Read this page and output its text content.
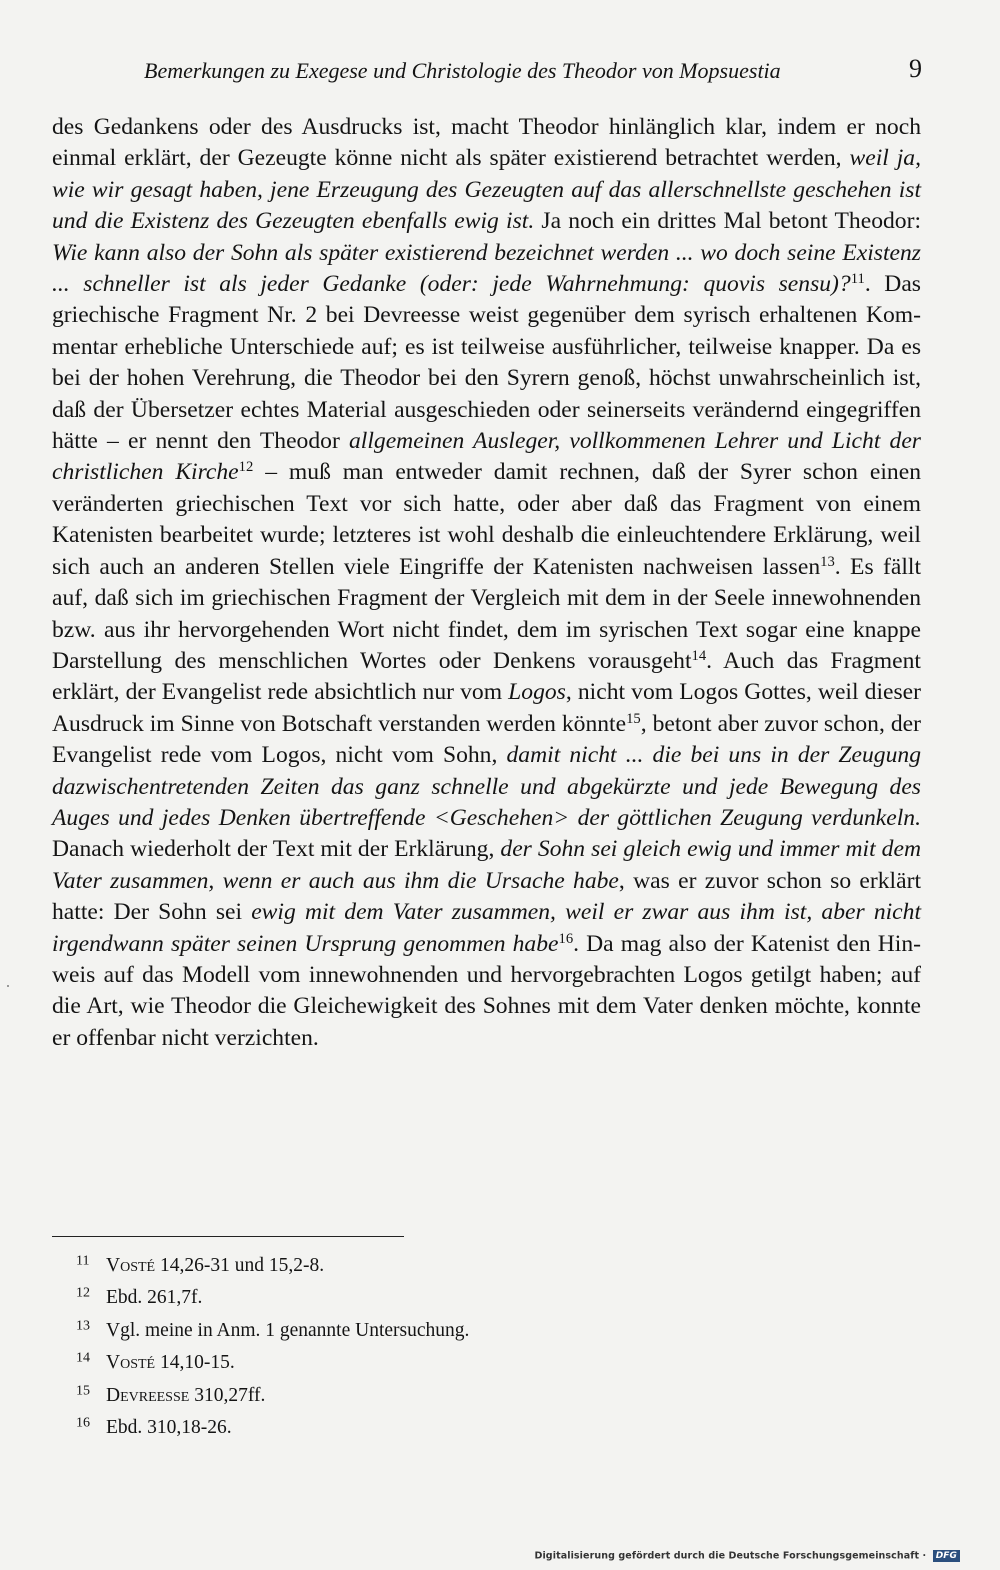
Bemerkungen zu Exegese und Christologie des Theodor von Mopsuestia	9

des Gedankens oder des Ausdrucks ist, macht Theodor hinlänglich klar, indem er noch einmal erklärt, der Gezeugte könne nicht als später existierend betrachtet werden, weil ja, wie wir gesagt haben, jene Erzeugung des Gezeugten auf das allerschnellste geschehen ist und die Existenz des Gezeugten ebenfalls ewig ist. Ja noch ein drittes Mal betont Theodor: Wie kann also der Sohn als später existierend bezeichnet werden ... wo doch seine Existenz ... schneller ist als jeder Gedanke (oder: jede Wahrnehmung: quovis sensu)?$^{11}$. Das griechische Fragment Nr. 2 bei Devreesse weist gegenüber dem syrisch erhaltenen Kommentar erhebliche Unterschiede auf; es ist teilweise ausführlicher, teilweise knapper. Da es bei der hohen Verehrung, die Theodor bei den Syrern genoß, höchst unwahrscheinlich ist, daß der Übersetzer echtes Material ausgeschieden oder seinerseits verändernd eingegriffen hätte – er nennt den Theodor allgemeinen Ausleger, vollkommenen Lehrer und Licht der christlichen Kirche$^{12}$ – muß man entweder damit rechnen, daß der Syrer schon einen veränderten griechischen Text vor sich hatte, oder aber daß das Fragment von einem Katenisten bearbeitet wurde; letzteres ist wohl deshalb die einleuchtendere Erklärung, weil sich auch an anderen Stellen viele Eingriffe der Katenisten nachweisen lassen$^{13}$. Es fällt auf, daß sich im griechischen Fragment der Vergleich mit dem in der Seele innewohnenden bzw. aus ihr hervorgehenden Wort nicht findet, dem im syrischen Text sogar eine knappe Darstellung des menschlichen Wortes oder Denkens vorausgeht$^{14}$. Auch das Fragment erklärt, der Evangelist rede absichtlich nur vom Logos, nicht vom Logos Gottes, weil dieser Ausdruck im Sinne von Botschaft verstanden werden könnte$^{15}$, betont aber zuvor schon, der Evangelist rede vom Logos, nicht vom Sohn, damit nicht ... die bei uns in der Zeugung dazwischentretenden Zeiten das ganz schnelle und abgekürzte und jede Bewegung des Auges und jedes Denken übertreffende <Geschehen> der göttlichen Zeugung verdunkeln. Danach wiederholt der Text mit der Erklärung, der Sohn sei gleich ewig und immer mit dem Vater zusammen, wenn er auch aus ihm die Ursache habe, was er zuvor schon so erklärt hatte: Der Sohn sei ewig mit dem Vater zusammen, weil er zwar aus ihm ist, aber nicht irgendwann später seinen Ursprung genommen habe$^{16}$. Da mag also der Katenist den Hinweis auf das Modell vom innewohnenden und hervorgebrachten Logos getilgt haben; auf die Art, wie Theodor die Gleichewigkeit des Sohnes mit dem Vater denken möchte, konnte er offenbar nicht verzichten.

$^{11}$ Vosté 14,26-31 und 15,2-8.
$^{12}$ Ebd. 261,7f.
$^{13}$ Vgl. meine in Anm. 1 genannte Untersuchung.
$^{14}$ Vosté 14,10-15.
$^{15}$ Devreesse 310,27ff.
$^{16}$ Ebd. 310,18-26.
Digitalisierung gefördert durch die Deutsche Forschungsgemeinschaft · DFG
